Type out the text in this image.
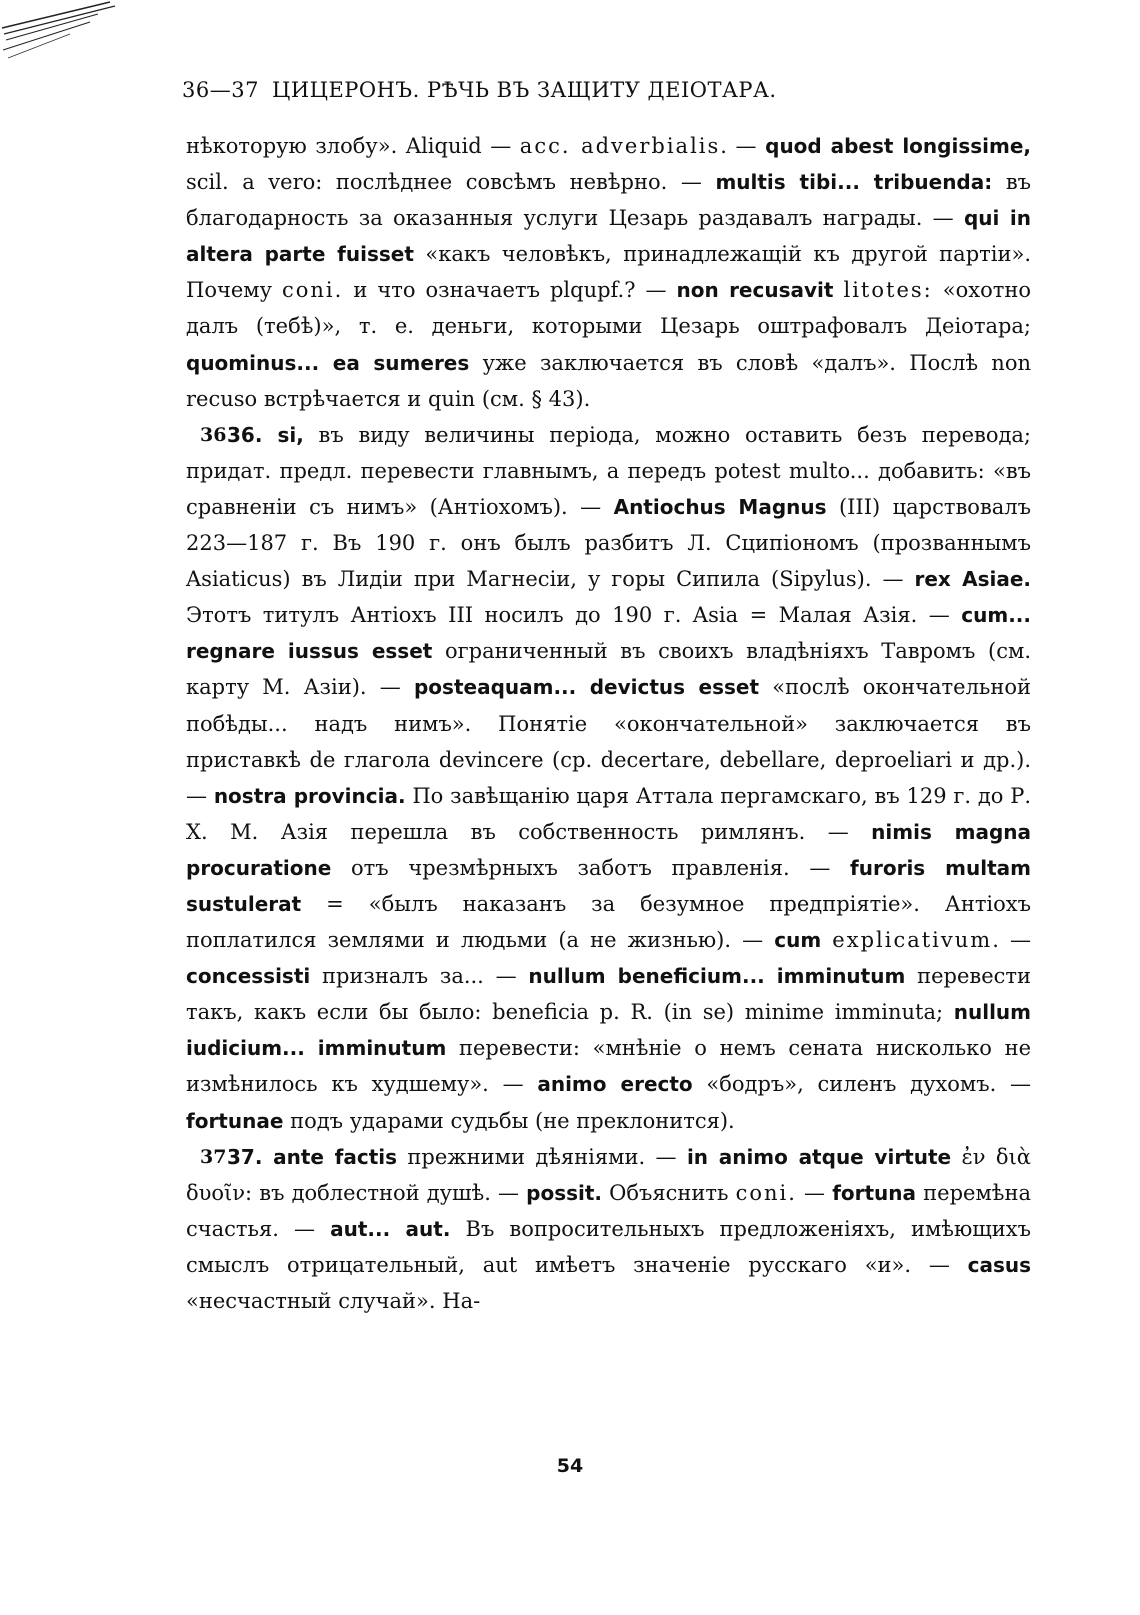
36—37 ЦИЦЕРОНЪ. РѢЧЬ ВЪ ЗАЩИТУ ДЕIОТАРА.

нѣкоторую злобу». Aliquid — acc. adverbialis. — quod abest longissime, scil. a vero: послѣднее совсѣмъ невѣрно. — multis tibi... tribuenda: въ благодарность за оказанныя услуги Цезарь раздавалъ награды. — qui in altera parte fuisset «какъ человѣкъ, принадлежащій къ другой партіи». Почему coni. и что означаетъ plqupf.? — non recusavit litotes: «охотно далъ (тебѣ)», т. е. деньги, которыми Цезарь оштрафовалъ Деіотара; quominus... ea sumeres уже заключается въ словѣ «далъ». Послѣ non recuso встрѣчается и quin (см. § 43).

36 36. si, въ виду величины періода, можно оставить безъ перевода; придат. предл. перевести главнымъ, а передъ potest multo... добавить: «въ сравненіи съ нимъ» (Антіохомъ). — Antiochus Magnus (III) царствовалъ 223—187 г. Въ 190 г. онъ былъ разбитъ Л. Сципіономъ (прозваннымъ Asiaticus) въ Лидіи при Магнесіи, у горы Сипила (Sipylus). — rex Asiae. Этотъ титулъ Антіохъ III носилъ до 190 г. Asia = Малая Азія. — cum... regnare iussus esset ограниченный въ своихъ владѣніяхъ Тавромъ (см. карту М. Азіи). — posteaquam... devictus esset «послѣ окончательной побѣды... надъ нимъ». Понятіе «окончательной» заключается въ приставкѣ de глагола devincere (ср. decertare, debellare, deproeliari и др.). — nostra provincia. По завѣщанію царя Аттала пергамскаго, въ 129 г. до Р. Х. М. Азія перешла въ собственность римлянъ. — nimis magna procuratione отъ чрезмѣрныхъ заботъ правленія. — furoris multam sustulerat = «былъ наказанъ за безумное предпріятіе». Антіохъ поплатился землями и людьми (а не жизнью). — cum explicativum. — concessisti призналъ за... — nullum beneficium... imminutum перевести такъ, какъ если бы было: beneficia p. R. (in se) minime imminuta; nullum iudicium... imminutum перевести: «мнѣніе о немъ сената нисколько не измѣнилось къ худшему». — animo erecto «бодръ», силенъ духомъ. — fortunae подъ ударами судьбы (не преклонится).

37 37. ante factis прежними дѣяніями. — in animo atque virtute ἐν διὰ δυοῖν: въ доблестной душѣ. — possit. Объяснить coni. — fortuna перемѣна счастья. — aut... aut. Въ вопросительныхъ предложеніяхъ, имѣющихъ смыслъ отрицательный, aut имѣетъ значеніе русскаго «и». — casus «несчастный случай». На-

54
